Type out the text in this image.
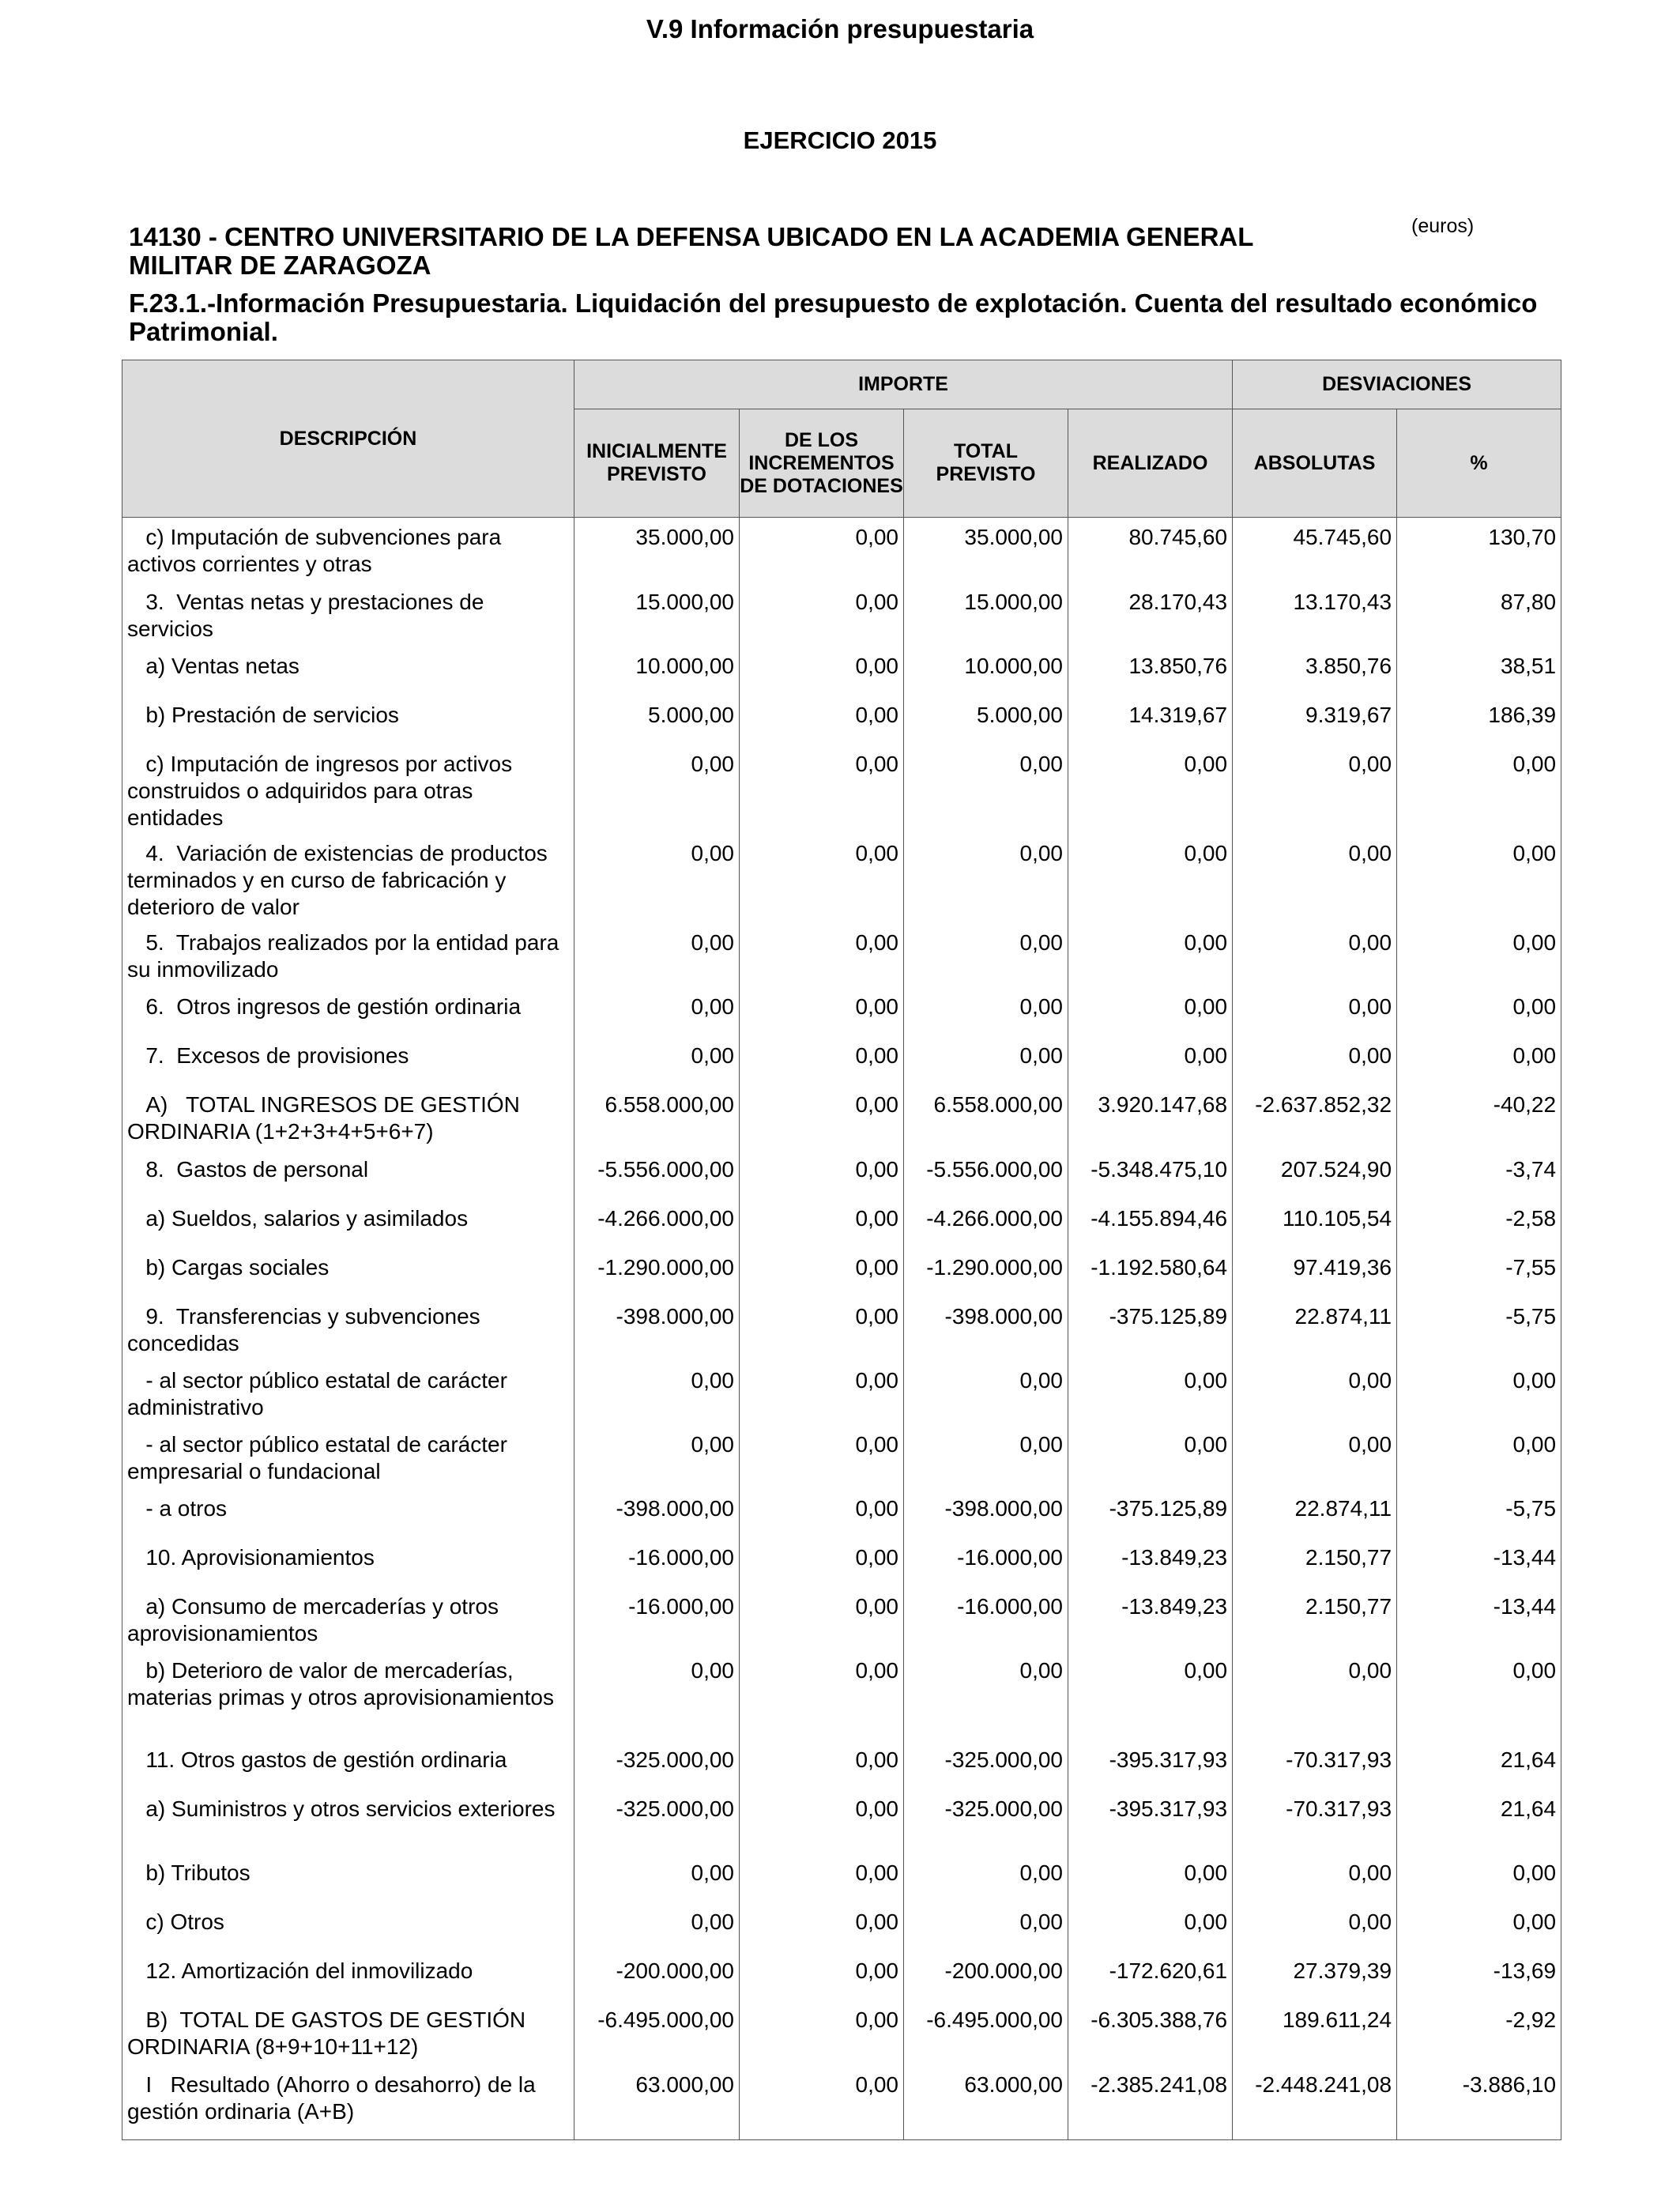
V.9 Información presupuestaria
EJERCICIO 2015
14130 - CENTRO UNIVERSITARIO DE LA DEFENSA UBICADO EN LA ACADEMIA GENERAL MILITAR DE ZARAGOZA
(euros)
F.23.1.-Información Presupuestaria. Liquidación del presupuesto de explotación. Cuenta del resultado económico Patrimonial.
DESCRIPCIÓN	IMPORTE				DESVIACIONES	
	INICIALMENTE PREVISTO	DE LOS INCREMENTOS DE DOTACIONES	TOTAL PREVISTO	REALIZADO	ABSOLUTAS	%
c) Imputación de subvenciones para activos corrientes y otras	35.000,00	0,00	35.000,00	80.745,60	45.745,60	130,70
3.  Ventas netas y prestaciones de servicios	15.000,00	0,00	15.000,00	28.170,43	13.170,43	87,80
a) Ventas netas	10.000,00	0,00	10.000,00	13.850,76	3.850,76	38,51
b) Prestación de servicios	5.000,00	0,00	5.000,00	14.319,67	9.319,67	186,39
c) Imputación de ingresos por activos construidos o adquiridos para otras entidades	0,00	0,00	0,00	0,00	0,00	0,00
4.  Variación de existencias de productos terminados y en curso de fabricación y deterioro de valor	0,00	0,00	0,00	0,00	0,00	0,00
5.  Trabajos realizados por la entidad para su inmovilizado	0,00	0,00	0,00	0,00	0,00	0,00
6.  Otros ingresos de gestión ordinaria	0,00	0,00	0,00	0,00	0,00	0,00
7.  Excesos de provisiones	0,00	0,00	0,00	0,00	0,00	0,00
A)   TOTAL INGRESOS DE GESTIÓN ORDINARIA (1+2+3+4+5+6+7)	6.558.000,00	0,00	6.558.000,00	3.920.147,68	-2.637.852,32	-40,22
8.  Gastos de personal	-5.556.000,00	0,00	-5.556.000,00	-5.348.475,10	207.524,90	-3,74
a) Sueldos, salarios y asimilados	-4.266.000,00	0,00	-4.266.000,00	-4.155.894,46	110.105,54	-2,58
b) Cargas sociales	-1.290.000,00	0,00	-1.290.000,00	-1.192.580,64	97.419,36	-7,55
9.  Transferencias y subvenciones concedidas	-398.000,00	0,00	-398.000,00	-375.125,89	22.874,11	-5,75
- al sector público estatal de carácter administrativo	0,00	0,00	0,00	0,00	0,00	0,00
- al sector público estatal de carácter empresarial o fundacional	0,00	0,00	0,00	0,00	0,00	0,00
- a otros	-398.000,00	0,00	-398.000,00	-375.125,89	22.874,11	-5,75
10. Aprovisionamientos	-16.000,00	0,00	-16.000,00	-13.849,23	2.150,77	-13,44
a) Consumo de mercaderías y otros aprovisionamientos	-16.000,00	0,00	-16.000,00	-13.849,23	2.150,77	-13,44
b) Deterioro de valor de mercaderías, materias primas y otros aprovisionamientos	0,00	0,00	0,00	0,00	0,00	0,00
11. Otros gastos de gestión ordinaria	-325.000,00	0,00	-325.000,00	-395.317,93	-70.317,93	21,64
a) Suministros y otros servicios exteriores	-325.000,00	0,00	-325.000,00	-395.317,93	-70.317,93	21,64
b) Tributos	0,00	0,00	0,00	0,00	0,00	0,00
c) Otros	0,00	0,00	0,00	0,00	0,00	0,00
12. Amortización del inmovilizado	-200.000,00	0,00	-200.000,00	-172.620,61	27.379,39	-13,69
B)  TOTAL DE GASTOS DE GESTIÓN ORDINARIA (8+9+10+11+12)	-6.495.000,00	0,00	-6.495.000,00	-6.305.388,76	189.611,24	-2,92
I   Resultado (Ahorro o desahorro) de la gestión ordinaria (A+B)	63.000,00	0,00	63.000,00	-2.385.241,08	-2.448.241,08	-3.886,10
